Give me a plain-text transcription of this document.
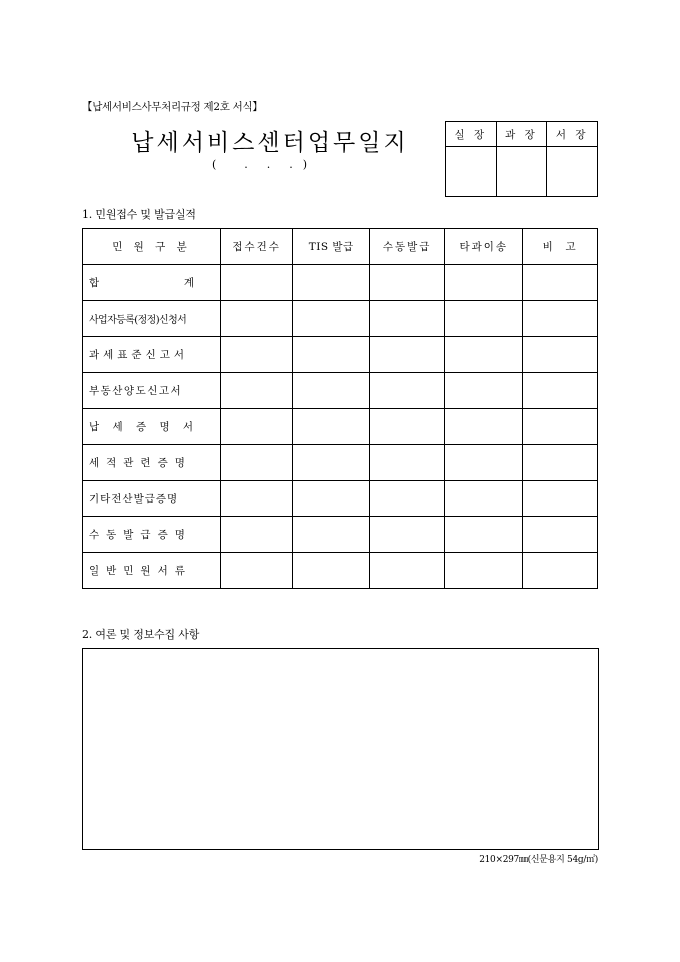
【납세서비스사무처리규정 제2호 서식】
납세서비스센터업무일지
(      .    .    .  )
실 장	과 장	서 장

1. 민원접수 및 발급실적
민 원 구 분	접수건수	TIS 발급	수동발급	타과이송	비  고

합  계					

사업자등록(정정)신청서					

과세표준신고서					

부동산양도신고서					

납 세 증 명 서					

세적관련증명					

기타전산발급증명					

수동발급증명					

일반민원서류					

2. 여론 및 정보수집 사항
210×297㎜(신문용지 54g/㎡)
